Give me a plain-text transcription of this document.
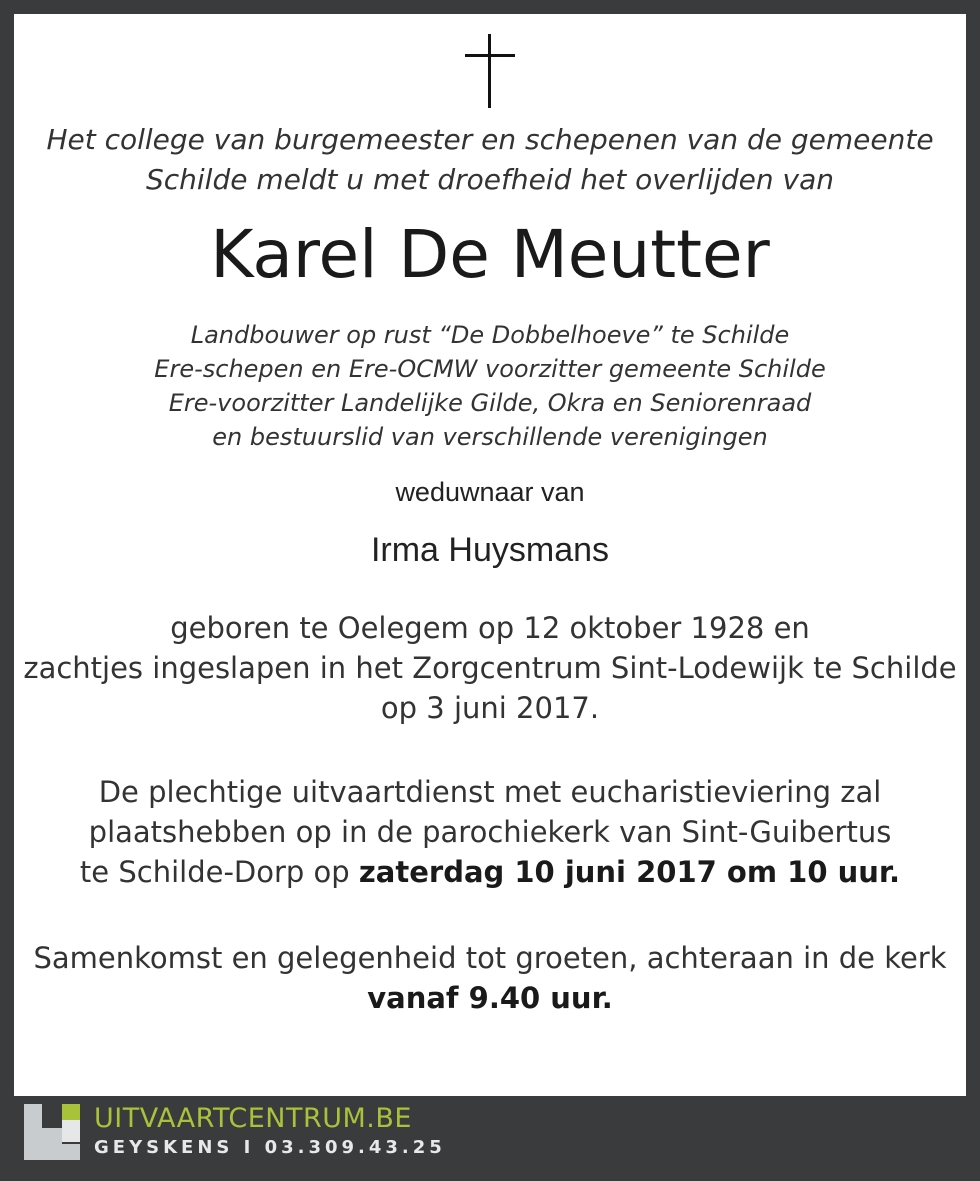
Het college van burgemeester en schepenen van de gemeente
Schilde meldt u met droefheid het overlijden van
Karel De Meutter
Landbouwer op rust “De Dobbelhoeve” te Schilde
Ere-schepen en Ere-OCMW voorzitter gemeente Schilde
Ere-voorzitter Landelijke Gilde, Okra en Seniorenraad
en bestuurslid van verschillende verenigingen
weduwnaar van
Irma Huysmans
geboren te Oelegem op 12 oktober 1928 en
zachtjes ingeslapen in het Zorgcentrum Sint-Lodewijk te Schilde
op 3 juni 2017.
De plechtige uitvaartdienst met eucharistieviering zal
plaatshebben op in de parochiekerk van Sint-Guibertus
te Schilde-Dorp op zaterdag 10 juni 2017 om 10 uur.
Samenkomst en gelegenheid tot groeten, achteraan in de kerk
vanaf 9.40 uur.
UITVAARTCENTRUM.BE
GEYSKENS I 03.309.43.25
